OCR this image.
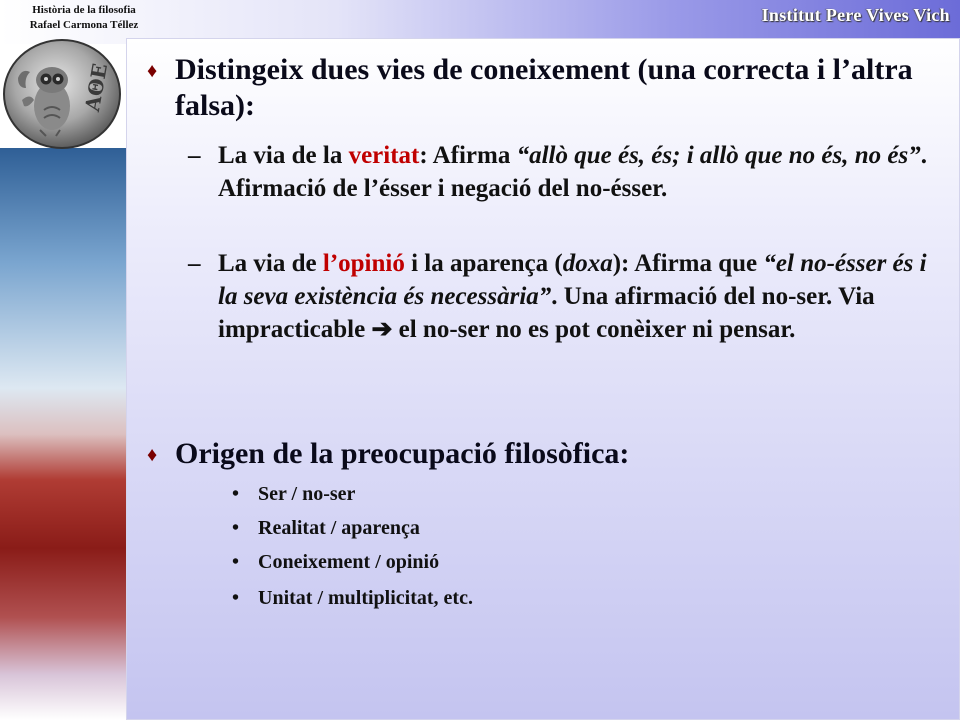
Història de la filosofia
Rafael Carmona Téllez	Institut Pere Vives Vich
ΑΘΕ ♦ Distingeix dues vies de coneixement (una correcta i l’altra falsa):
– La via de la veritat: Afirma “allò que és, és; i allò que no és, no és”. Afirmació de l’ésser i negació del no-ésser.
– La via de l’opinió i la aparença (doxa): Afirma que “el no-ésser és i la seva existència és necessària”. Una afirmació del no-ser. Via impracticable ➔ el no-ser no es pot conèixer ni pensar.
♦ Origen de la preocupació filosòfica:
• Ser / no-ser
• Realitat / aparença
• Coneixement / opinió
• Unitat / multiplicitat, etc.
